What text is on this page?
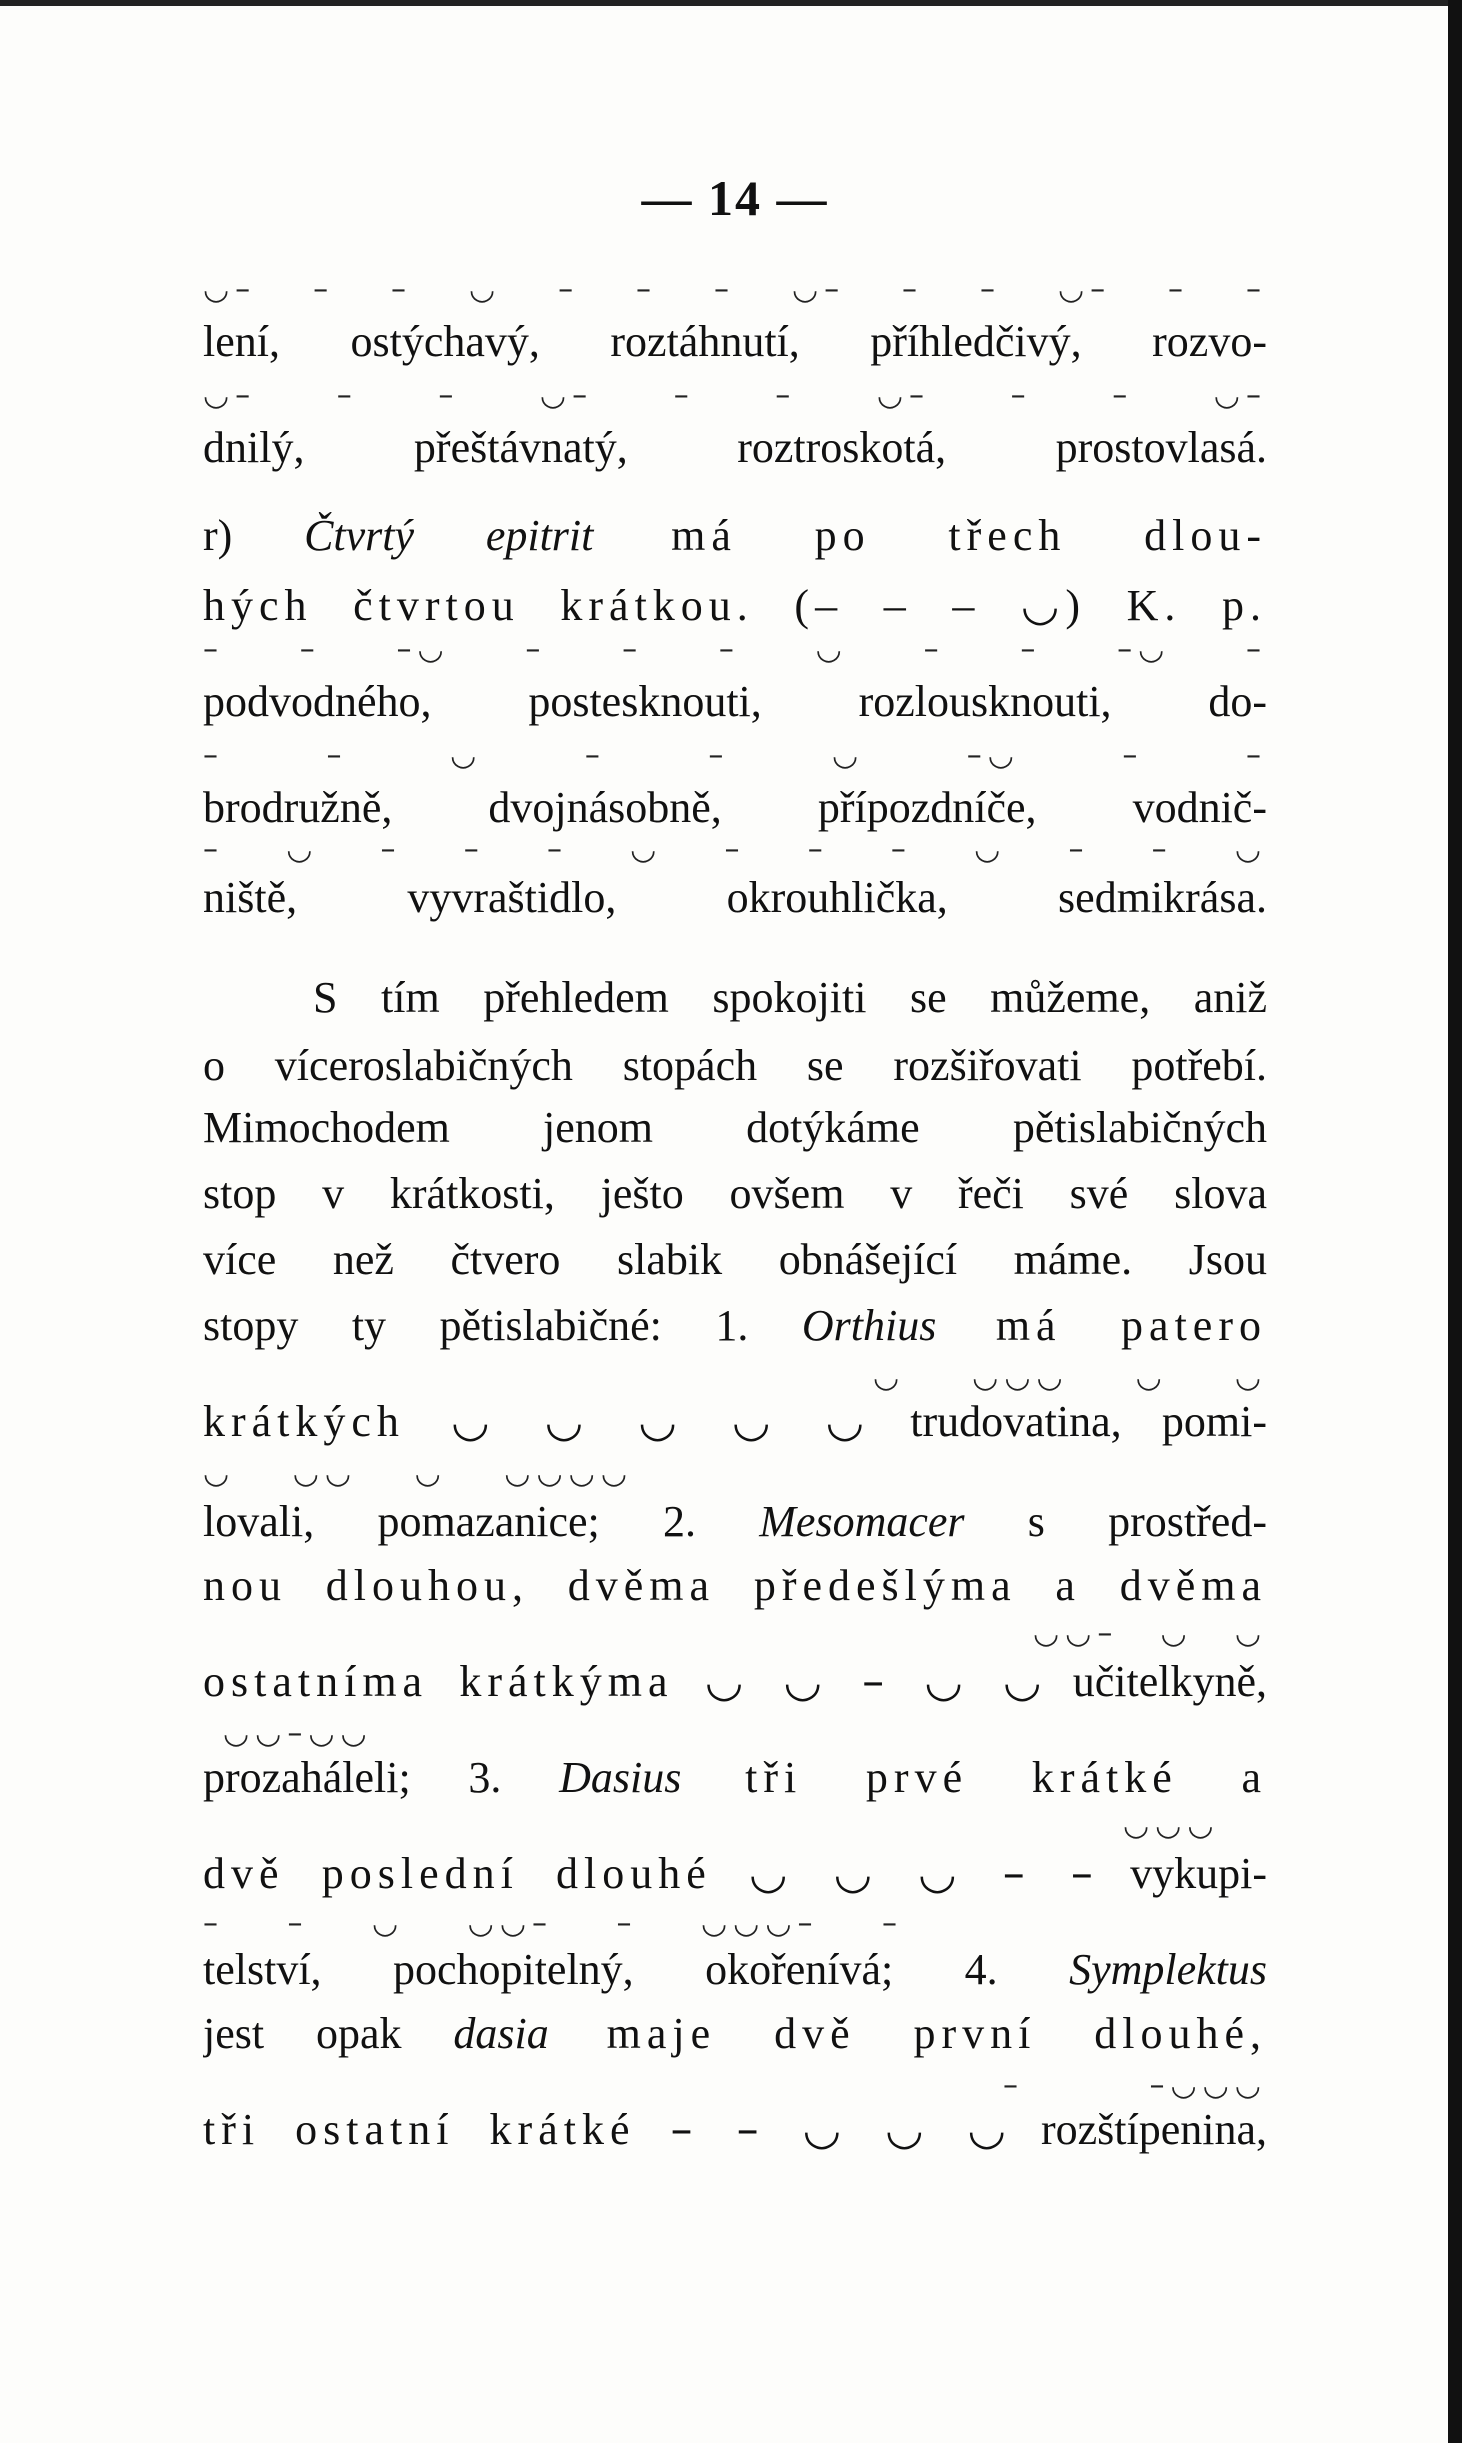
— 14 —
◡– – – ◡ – – – ◡– – – ◡– – –
lení, ostýchavý, roztáhnutí, příhledčivý, rozvo-
◡– – – ◡– – – ◡– – – ◡–
dnilý, přeštávnatý, roztroskotá, prostovlasá.
r) Čtvrtý epitrit má po třech dlou-
hých čtvrtou krátkou. (– – – ◡) K. p.
– – –◡ – – – ◡ – – –◡ –
podvodného, postesknouti, rozlousknouti, do-
– – ◡ – – ◡ –◡ – –
brodružně, dvojnásobně, přípozdníče, vodnič-
– ◡ – – – ◡ – – – ◡ – – ◡
niště, vyvraštidlo, okrouhlička, sedmikrása.
S tím přehledem spokojiti se můžeme, aniž
o víceroslabičných stopách se rozšiřovati potřebí.
Mimochodem jenom dotýkáme pětislabičných
stop v krátkosti, ješto ovšem v řeči své slova
více než čtvero slabik obnášející máme. Jsou
stopy ty pětislabičné: 1. Orthius má patero
◡ ◡◡◡ ◡ ◡
krátkých ◡ ◡ ◡ ◡ ◡ trudovatina, pomi-
◡ ◡◡ ◡ ◡◡◡◡
lovali, pomazanice; 2. Mesomacer s prostřed-
nou dlouhou, dvěma předešlýma a dvěma
◡◡– ◡ ◡
ostatníma krátkýma ◡ ◡ – ◡ ◡ učitelkyně,
◡◡–◡◡
prozaháleli; 3. Dasius tři prvé krátké a
◡◡◡
dvě poslední dlouhé ◡ ◡ ◡ – – vykupi-
– – ◡ ◡◡– – ◡◡◡– –
telství, pochopitelný, okořenívá; 4. Symplektus
jest opak dasia maje dvě první dlouhé,
– –◡◡◡
tři ostatní krátké – – ◡ ◡ ◡ rozštípenina,
